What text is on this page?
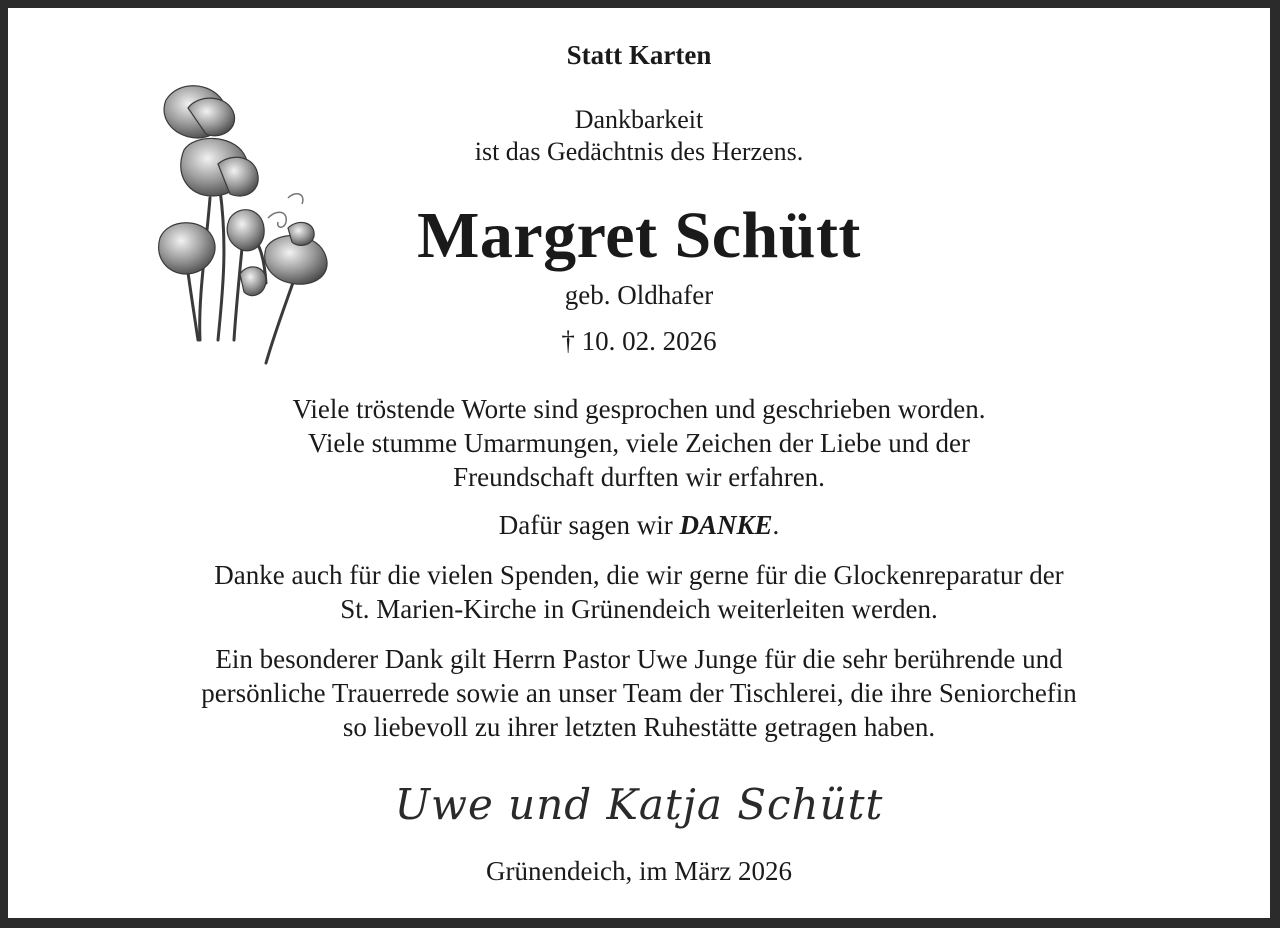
Statt Karten

Dankbarkeit

ist das Gedächtnis des Herzens.

Margret Schütt

geb. Oldhafer

† 10. 02. 2026

Viele tröstende Worte sind gesprochen und geschrieben worden.

Viele stumme Umarmungen, viele Zeichen der Liebe und der

Freundschaft durften wir erfahren.

Dafür sagen wir DANKE.

Danke auch für die vielen Spenden, die wir gerne für die Glockenreparatur der

St. Marien-Kirche in Grünendeich weiterleiten werden.

Ein besonderer Dank gilt Herrn Pastor Uwe Junge für die sehr berührende und

persönliche Trauerrede sowie an unser Team der Tischlerei, die ihre Seniorchefin

so liebevoll zu ihrer letzten Ruhestätte getragen haben.

Uwe und Katja Schütt

Grünendeich, im März 2026
